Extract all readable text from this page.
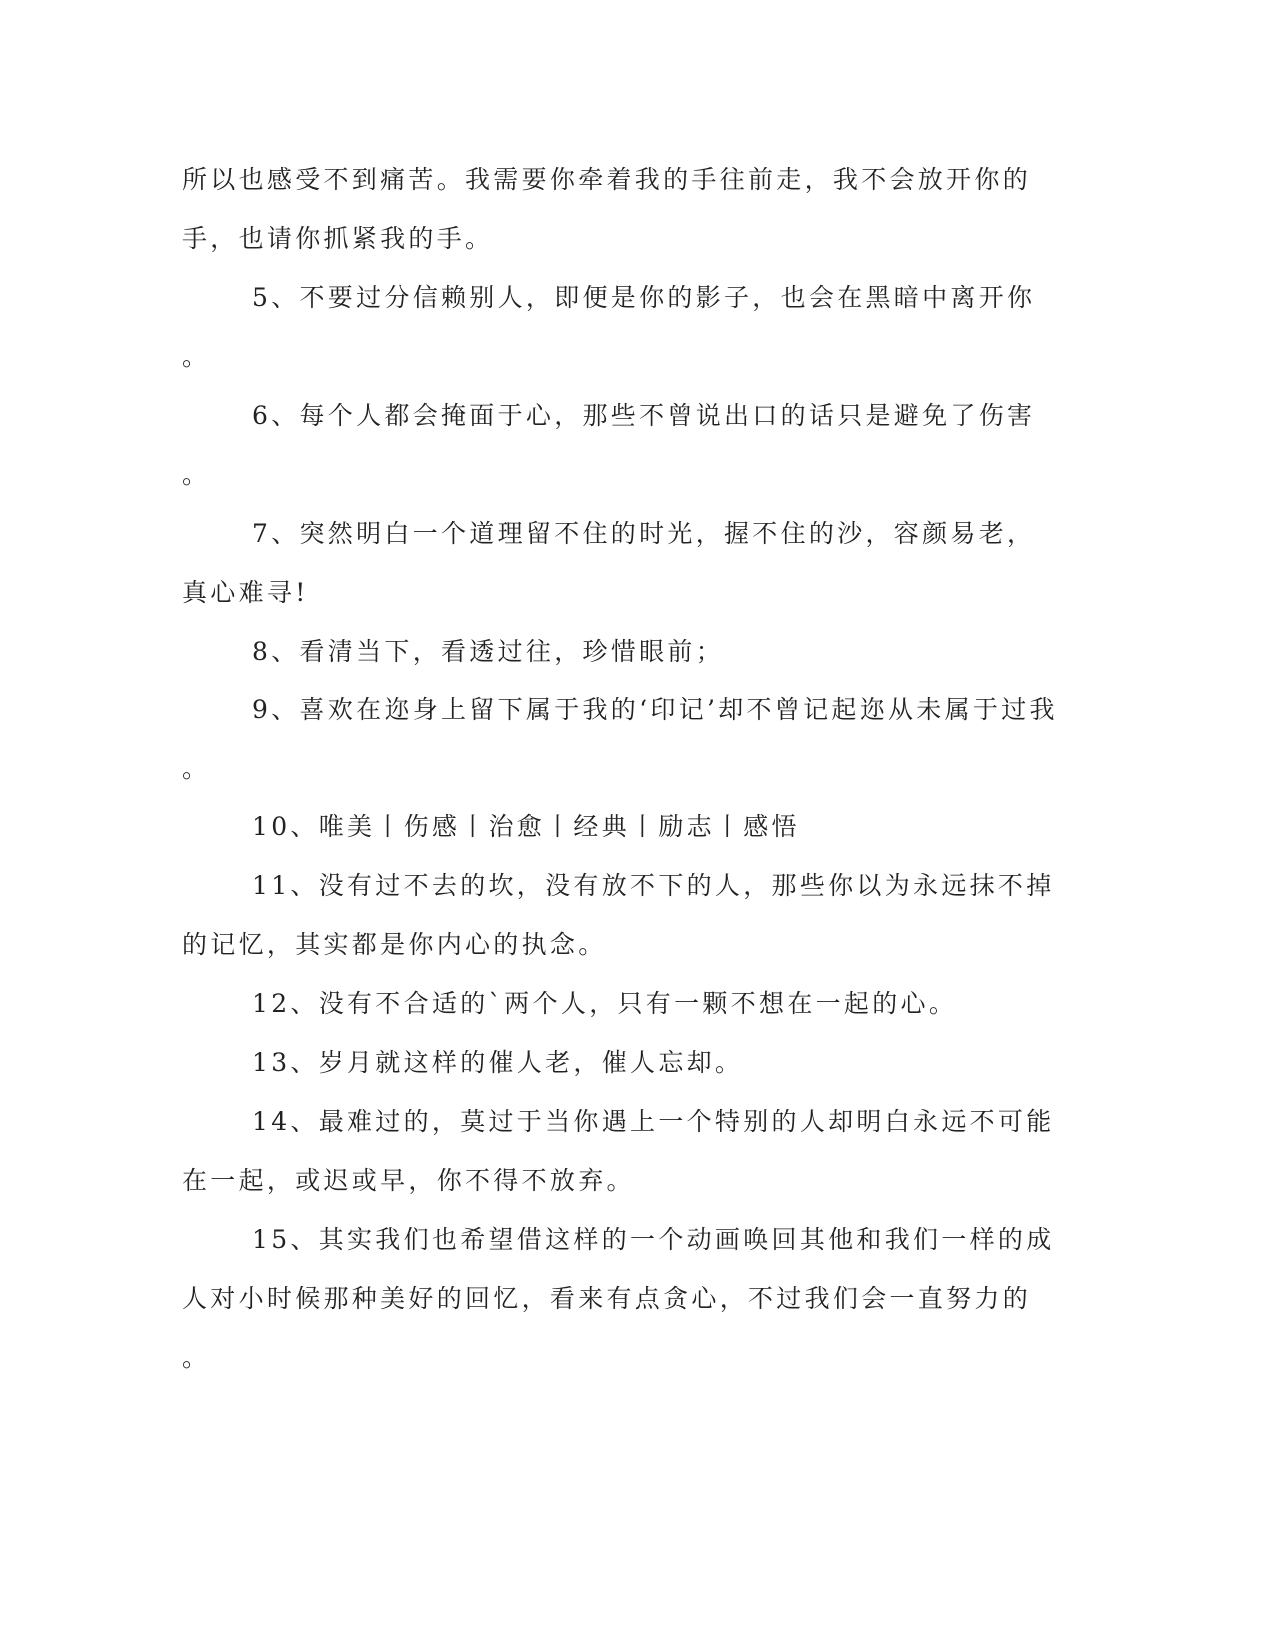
所以也感受不到痛苦。我需要你牵着我的手往前走，我不会放开你的
手，也请你抓紧我的手。
5、不要过分信赖别人，即便是你的影子，也会在黑暗中离开你
。
6、每个人都会掩面于心，那些不曾说出口的话只是避免了伤害
。
7、突然明白一个道理留不住的时光，握不住的沙，容颜易老，
真心难寻!
8、看清当下，看透过往，珍惜眼前；
9、喜欢在迩身上留下属于我的‘印记’却不曾记起迩从未属于过我
。
10、唯美丨伤感丨治愈丨经典丨励志丨感悟
11、没有过不去的坎，没有放不下的人，那些你以为永远抹不掉
的记忆，其实都是你内心的执念。
12、没有不合适的`两个人，只有一颗不想在一起的心。
13、岁月就这样的催人老，催人忘却。
14、最难过的，莫过于当你遇上一个特别的人却明白永远不可能
在一起，或迟或早，你不得不放弃。
15、其实我们也希望借这样的一个动画唤回其他和我们一样的成
人对小时候那种美好的回忆，看来有点贪心，不过我们会一直努力的
。
